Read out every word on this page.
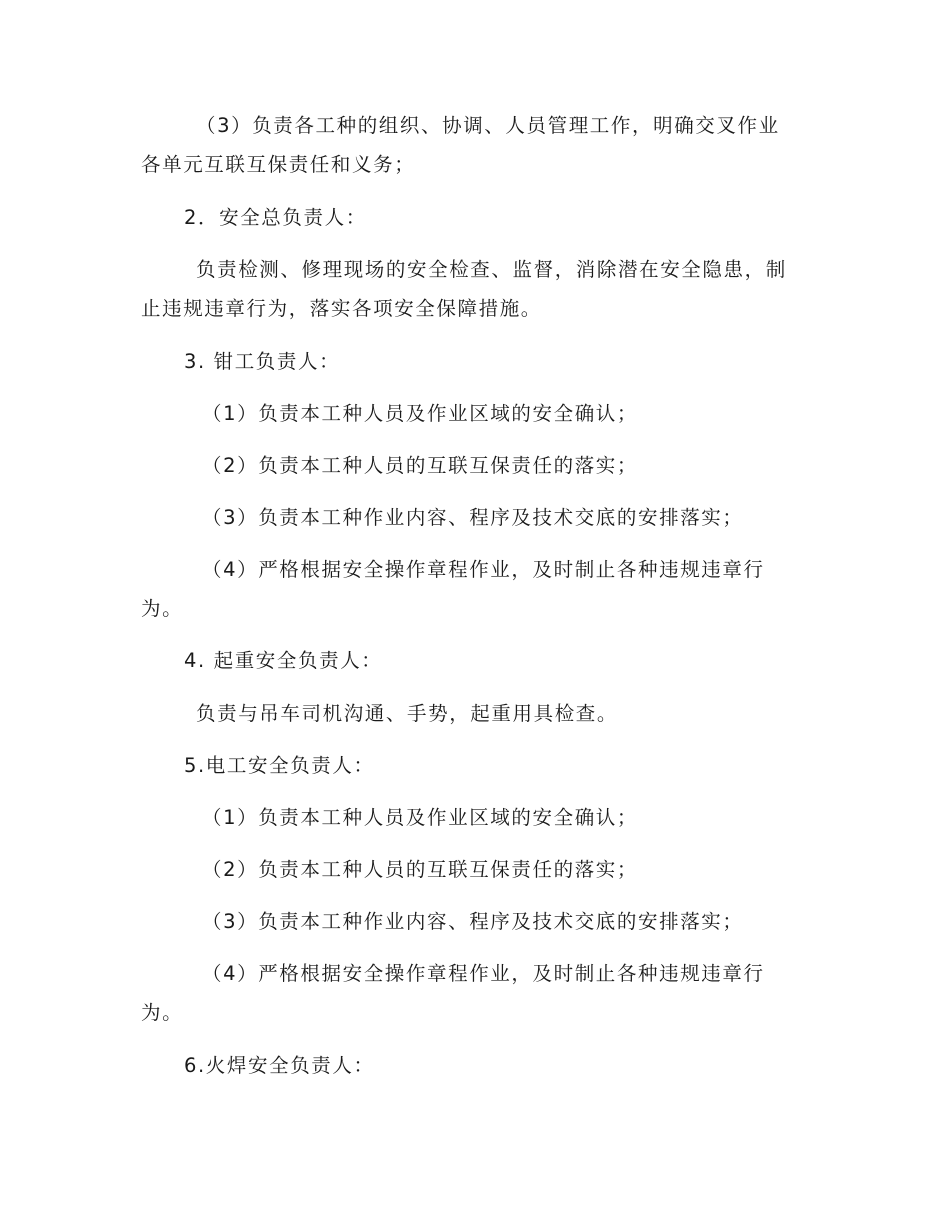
（3）负责各工种的组织、协调、人员管理工作，明确交叉作业
各单元互联互保责任和义务；
2．安全总负责人：
负责检测、修理现场的安全检查、监督，消除潜在安全隐患，制
止违规违章行为，落实各项安全保障措施。
3. 钳工负责人：
（1）负责本工种人员及作业区域的安全确认；
（2）负责本工种人员的互联互保责任的落实；
（3）负责本工种作业内容、程序及技术交底的安排落实；
（4）严格根据安全操作章程作业，及时制止各种违规违章行
为。
4. 起重安全负责人：
负责与吊车司机沟通、手势，起重用具检查。
5.电工安全负责人：
（1）负责本工种人员及作业区域的安全确认；
（2）负责本工种人员的互联互保责任的落实；
（3）负责本工种作业内容、程序及技术交底的安排落实；
（4）严格根据安全操作章程作业，及时制止各种违规违章行
为。
6.火焊安全负责人：
